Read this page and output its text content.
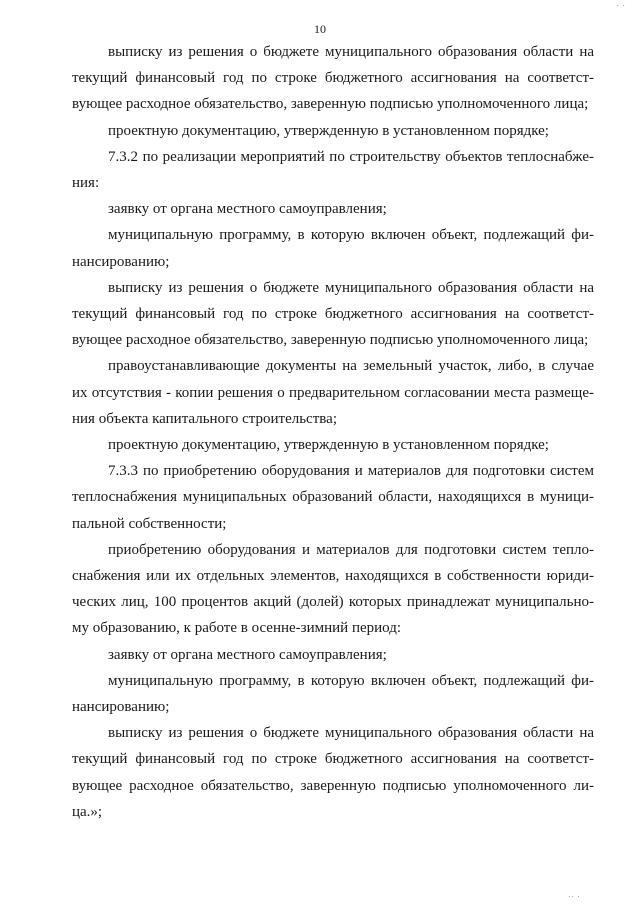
· ·
10

выписку из решения о бюджете муниципального образования области на текущий финансовый год по строке бюджетного ассигнования на соответст-вующее расходное обязательство, заверенную подписью уполномоченного лица;

проектную документацию, утвержденную в установленном порядке;

7.3.2 по реализации мероприятий по строительству объектов теплоснабже-ния:

заявку от органа местного самоуправления;

муниципальную программу, в которую включен объект, подлежащий фи-нансированию;

выписку из решения о бюджете муниципального образования области на текущий финансовый год по строке бюджетного ассигнования на соответст-вующее расходное обязательство, заверенную подписью уполномоченного лица;

правоустанавливающие документы на земельный участок, либо, в случае их отсутствия - копии решения о предварительном согласовании места размеще-ния объекта капитального строительства;

проектную документацию, утвержденную в установленном порядке;

7.3.3 по приобретению оборудования и материалов для подготовки систем теплоснабжения муниципальных образований области, находящихся в муници-пальной собственности;

приобретению оборудования и материалов для подготовки систем тепло-снабжения или их отдельных элементов, находящихся в собственности юриди-ческих лиц, 100 процентов акций (долей) которых принадлежат муниципально-му образованию, к работе в осенне-зимний период:

заявку от органа местного самоуправления;

муниципальную программу, в которую включен объект, подлежащий фи-нансированию;

выписку из решения о бюджете муниципального образования области на текущий финансовый год по строке бюджетного ассигнования на соответст-вующее расходное обязательство, заверенную подписью уполномоченного ли-ца.»;

·· ·
